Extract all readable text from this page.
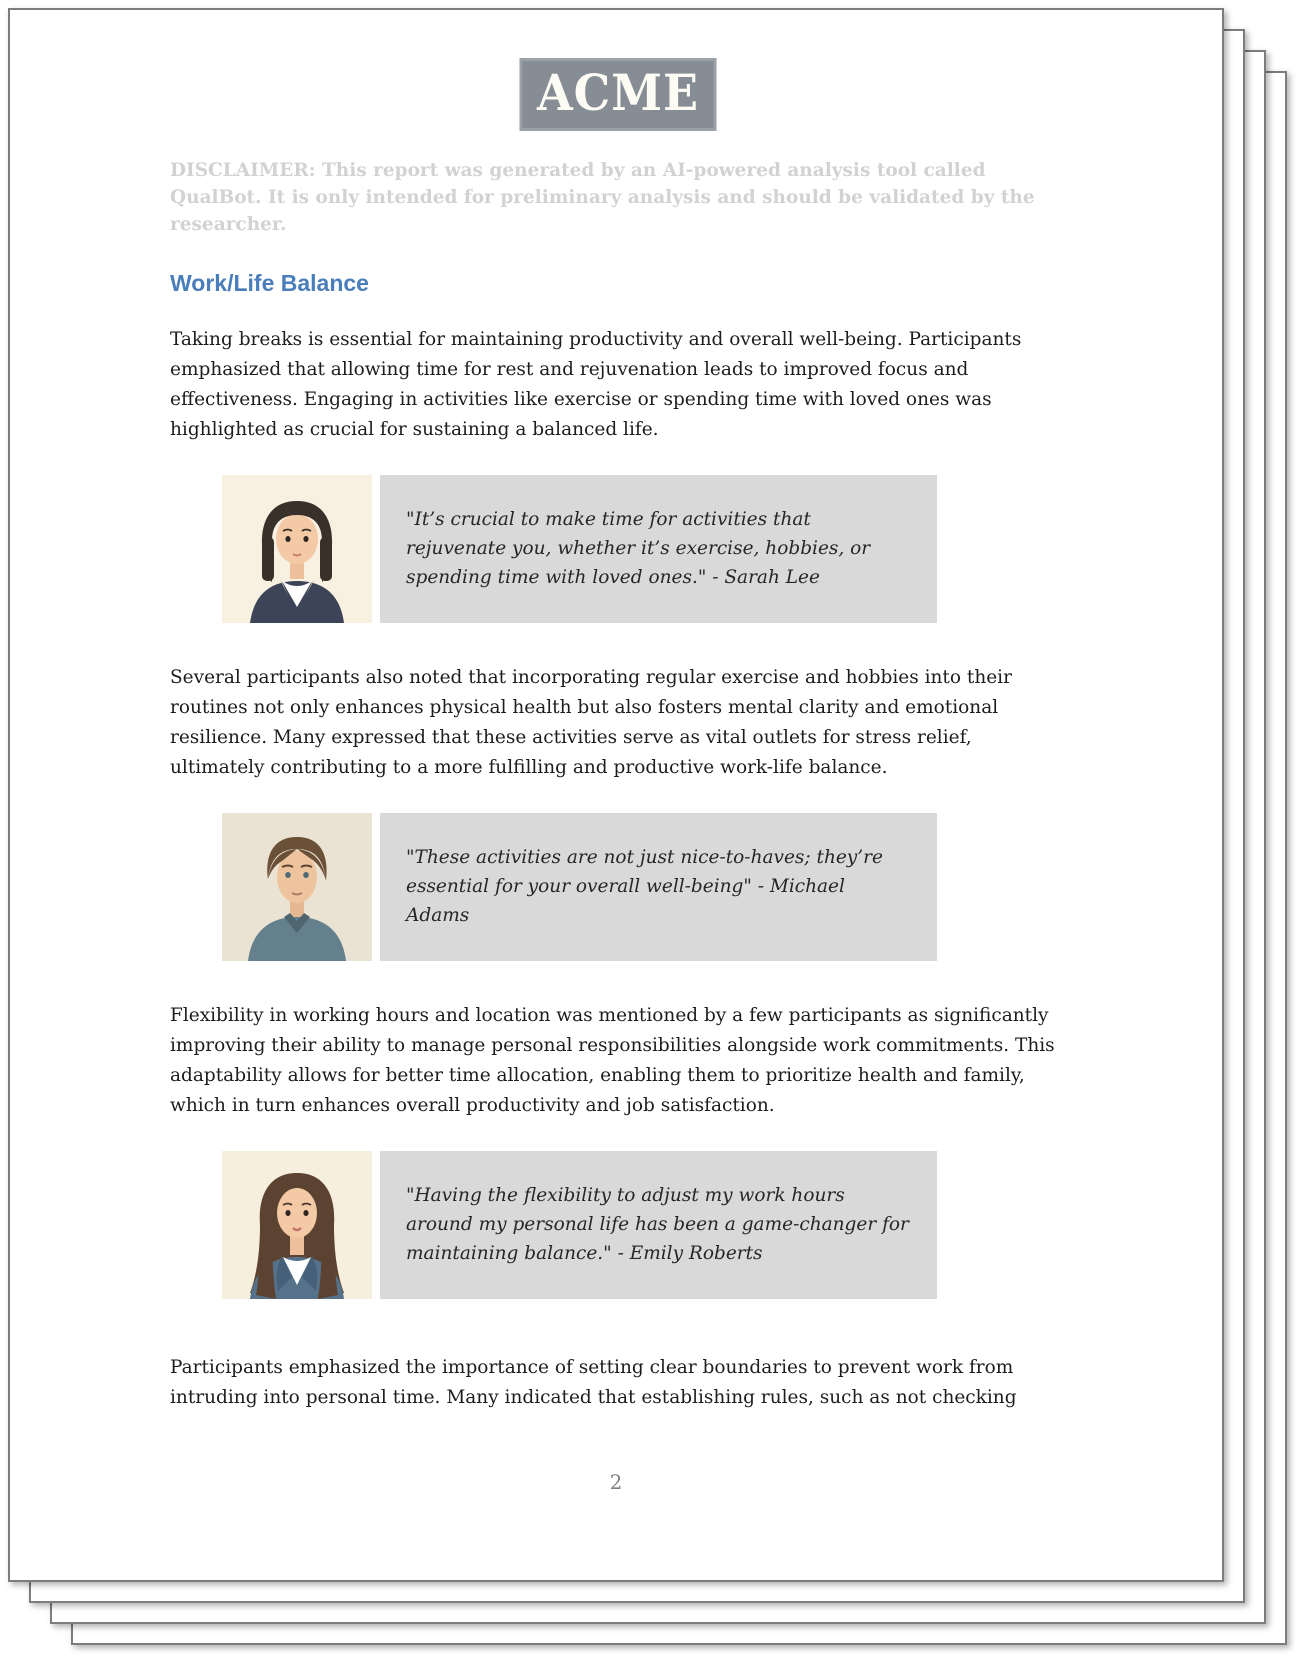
ACME

DISCLAIMER: This report was generated by an AI-powered analysis tool called QualBot. It is only intended for preliminary analysis and should be validated by the researcher.

Work/Life Balance

Taking breaks is essential for maintaining productivity and overall well-being. Participants emphasized that allowing time for rest and rejuvenation leads to improved focus and effectiveness. Engaging in activities like exercise or spending time with loved ones was highlighted as crucial for sustaining a balanced life.

"It’s crucial to make time for activities that rejuvenate you, whether it’s exercise, hobbies, or spending time with loved ones." - Sarah Lee

Several participants also noted that incorporating regular exercise and hobbies into their routines not only enhances physical health but also fosters mental clarity and emotional resilience. Many expressed that these activities serve as vital outlets for stress relief, ultimately contributing to a more fulfilling and productive work-life balance.

"These activities are not just nice-to-haves; they’re essential for your overall well-being" - Michael Adams

Flexibility in working hours and location was mentioned by a few participants as significantly improving their ability to manage personal responsibilities alongside work commitments. This adaptability allows for better time allocation, enabling them to prioritize health and family, which in turn enhances overall productivity and job satisfaction.

"Having the flexibility to adjust my work hours around my personal life has been a game-changer for maintaining balance." - Emily Roberts

Participants emphasized the importance of setting clear boundaries to prevent work from intruding into personal time. Many indicated that establishing rules, such as not checking

2
